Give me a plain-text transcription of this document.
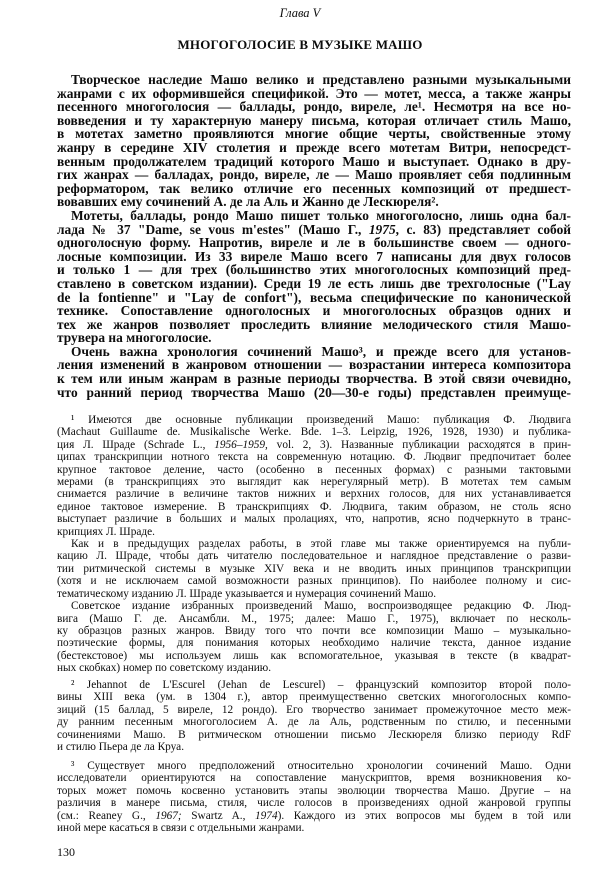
Глава V
МНОГОГОЛОСИЕ В МУЗЫКЕ МАШО
Творческое наследие Машо велико и представлено разными музыкальными
жанрами с их оформившейся спецификой. Это — мотет, месса, а также жанры
песенного многоголосия — баллады, рондо, виреле, ле¹. Несмотря на все но-
вовведения и ту характерную манеру письма, которая отличает стиль Машо,
в мотетах заметно проявляются многие общие черты, свойственные этому
жанру в середине XIV столетия и прежде всего мотетам Витри, непосредст-
венным продолжателем традиций которого Машо и выступает. Однако в дру-
гих жанрах — балладах, рондо, виреле, ле — Машо проявляет себя подлинным
реформатором, так велико отличие его песенных композиций от предшест-
вовавших ему сочинений А. де ла Аль и Жанно де Лескюреля².
Мотеты, баллады, рондо Машо пишет только многоголосно, лишь одна бал-
лада № 37 "Dame, se vous m'estes" (Машо Г., 1975, с. 83) представляет собой
одноголосную форму. Напротив, виреле и ле в большинстве своем — одного-
лосные композиции. Из 33 виреле Машо всего 7 написаны для двух голосов
и только 1 — для трех (большинство этих многоголосных композиций пред-
ставлено в советском издании). Среди 19 ле есть лишь две трехголосные ("Lay
de la fontienne" и "Lay de confort"), весьма специфические по канонической
технике. Сопоставление одноголосных и многоголосных образцов одних и
тех же жанров позволяет проследить влияние мелодического стиля Машо-
трувера на многоголосие.
Очень важна хронология сочинений Машо³, и прежде всего для установ-
ления изменений в жанровом отношении — возрастании интереса композитора
к тем или иным жанрам в разные периоды творчества. В этой связи очевидно,
что ранний период творчества Машо (20—30-е годы) представлен преимуще-
¹ Имеются две основные публикации произведений Машо: публикация Ф. Людвига
(Machaut Guillaume de. Musikalische Werke. Bde. 1–3. Leipzig, 1926, 1928, 1930) и публика-
ция Л. Шраде (Schrade L., 1956–1959, vol. 2, 3). Названные публикации расходятся в прин-
ципах транскрипции нотного текста на современную нотацию. Ф. Людвиг предпочитает более
крупное тактовое деление, часто (особенно в песенных формах) с разными тактовыми
мерами (в транскрипциях это выглядит как нерегулярный метр). В мотетах тем самым
снимается различие в величине тактов нижних и верхних голосов, для них устанавливается
единое тактовое измерение. В транскрипциях Ф. Людвига, таким образом, не столь ясно
выступает различие в больших и малых пролациях, что, напротив, ясно подчеркнуто в транс-
крипциях Л. Шраде.
Как и в предыдущих разделах работы, в этой главе мы также ориентируемся на публи-
кацию Л. Шраде, чтобы дать читателю последовательное и наглядное представление о разви-
тии ритмической системы в музыке XIV века и не вводить иных принципов транскрипции
(хотя и не исключаем самой возможности разных принципов). По наиболее полному и сис-
тематическому изданию Л. Шраде указывается и нумерация сочинений Машо.
Советское издание избранных произведений Машо, воспроизводящее редакцию Ф. Люд-
вига (Машо Г. де. Ансамбли. М., 1975; далее: Машо Г., 1975), включает по несколь-
ку образцов разных жанров. Ввиду того что почти все композиции Машо – музыкально-
поэтические формы, для понимания которых необходимо наличие текста, данное издание
(бестекстовое) мы используем лишь как вспомогательное, указывая в тексте (в квадрат-
ных скобках) номер по советскому изданию.
² Jehannot de L'Escurel (Jehan de Lescurel) – французский композитор второй поло-
вины XIII века (ум. в 1304 г.), автор преимущественно светских многоголосных компо-
зиций (15 баллад, 5 виреле, 12 рондо). Его творчество занимает промежуточное место меж-
ду ранним песенным многоголосием А. де ла Аль, родственным по стилю, и песенными
сочинениями Машо. В ритмическом отношении письмо Лескюреля близко периоду RdF
и стилю Пьера де ла Круа.
³ Существует много предположений относительно хронологии сочинений Машо. Одни
исследователи ориентируются на сопоставление манускриптов, время возникновения ко-
торых может помочь косвенно установить этапы эволюции творчества Машо. Другие – на
различия в манере письма, стиля, числе голосов в произведениях одной жанровой группы
(см.: Reaney G., 1967; Swartz A., 1974). Каждого из этих вопросов мы будем в той или
иной мере касаться в связи с отдельными жанрами.
130
